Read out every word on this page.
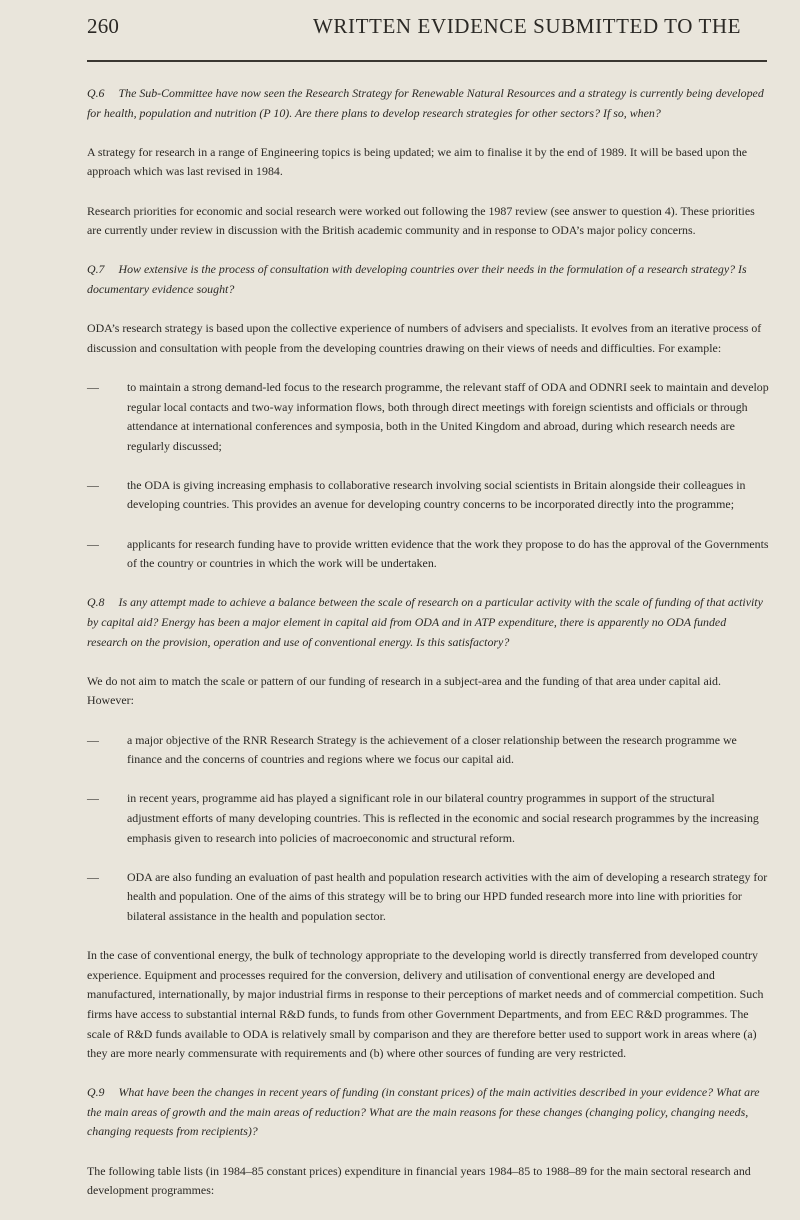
260	WRITTEN EVIDENCE SUBMITTED TO THE

Q.6 The Sub-Committee have now seen the Research Strategy for Renewable Natural Resources and a strategy is currently being developed for health, population and nutrition (P 10). Are there plans to develop research strategies for other sectors? If so, when?

A strategy for research in a range of Engineering topics is being updated; we aim to finalise it by the end of 1989. It will be based upon the approach which was last revised in 1984.

Research priorities for economic and social research were worked out following the 1987 review (see answer to question 4). These priorities are currently under review in discussion with the British academic community and in response to ODA’s major policy concerns.

Q.7 How extensive is the process of consultation with developing countries over their needs in the formulation of a research strategy? Is documentary evidence sought?

ODA’s research strategy is based upon the collective experience of numbers of advisers and specialists. It evolves from an iterative process of discussion and consultation with people from the developing countries drawing on their views of needs and difficulties. For example:

— to maintain a strong demand-led focus to the research programme, the relevant staff of ODA and ODNRI seek to maintain and develop regular local contacts and two-way information flows, both through direct meetings with foreign scientists and officials or through attendance at international conferences and symposia, both in the United Kingdom and abroad, during which research needs are regularly discussed;
— the ODA is giving increasing emphasis to collaborative research involving social scientists in Britain alongside their colleagues in developing countries. This provides an avenue for developing country concerns to be incorporated directly into the programme;
— applicants for research funding have to provide written evidence that the work they propose to do has the approval of the Governments of the country or countries in which the work will be undertaken.

Q.8 Is any attempt made to achieve a balance between the scale of research on a particular activity with the scale of funding of that activity by capital aid? Energy has been a major element in capital aid from ODA and in ATP expenditure, there is apparently no ODA funded research on the provision, operation and use of conventional energy. Is this satisfactory?

We do not aim to match the scale or pattern of our funding of research in a subject-area and the funding of that area under capital aid. However:

— a major objective of the RNR Research Strategy is the achievement of a closer relationship between the research programme we finance and the concerns of countries and regions where we focus our capital aid.
— in recent years, programme aid has played a significant role in our bilateral country programmes in support of the structural adjustment efforts of many developing countries. This is reflected in the economic and social research programmes by the increasing emphasis given to research into policies of macroeconomic and structural reform.
— ODA are also funding an evaluation of past health and population research activities with the aim of developing a research strategy for health and population. One of the aims of this strategy will be to bring our HPD funded research more into line with priorities for bilateral assistance in the health and population sector.

In the case of conventional energy, the bulk of technology appropriate to the developing world is directly transferred from developed country experience. Equipment and processes required for the conversion, delivery and utilisation of conventional energy are developed and manufactured, internationally, by major industrial firms in response to their perceptions of market needs and of commercial competition. Such firms have access to substantial internal R&D funds, to funds from other Government Departments, and from EEC R&D programmes. The scale of R&D funds available to ODA is relatively small by comparison and they are therefore better used to support work in areas where (a) they are more nearly commensurate with requirements and (b) where other sources of funding are very restricted.

Q.9 What have been the changes in recent years of funding (in constant prices) of the main activities described in your evidence? What are the main areas of growth and the main areas of reduction? What are the main reasons for these changes (changing policy, changing needs, changing requests from recipients)?

The following table lists (in 1984–85 constant prices) expenditure in financial years 1984–85 to 1988–89 for the main sectoral research and development programmes:
